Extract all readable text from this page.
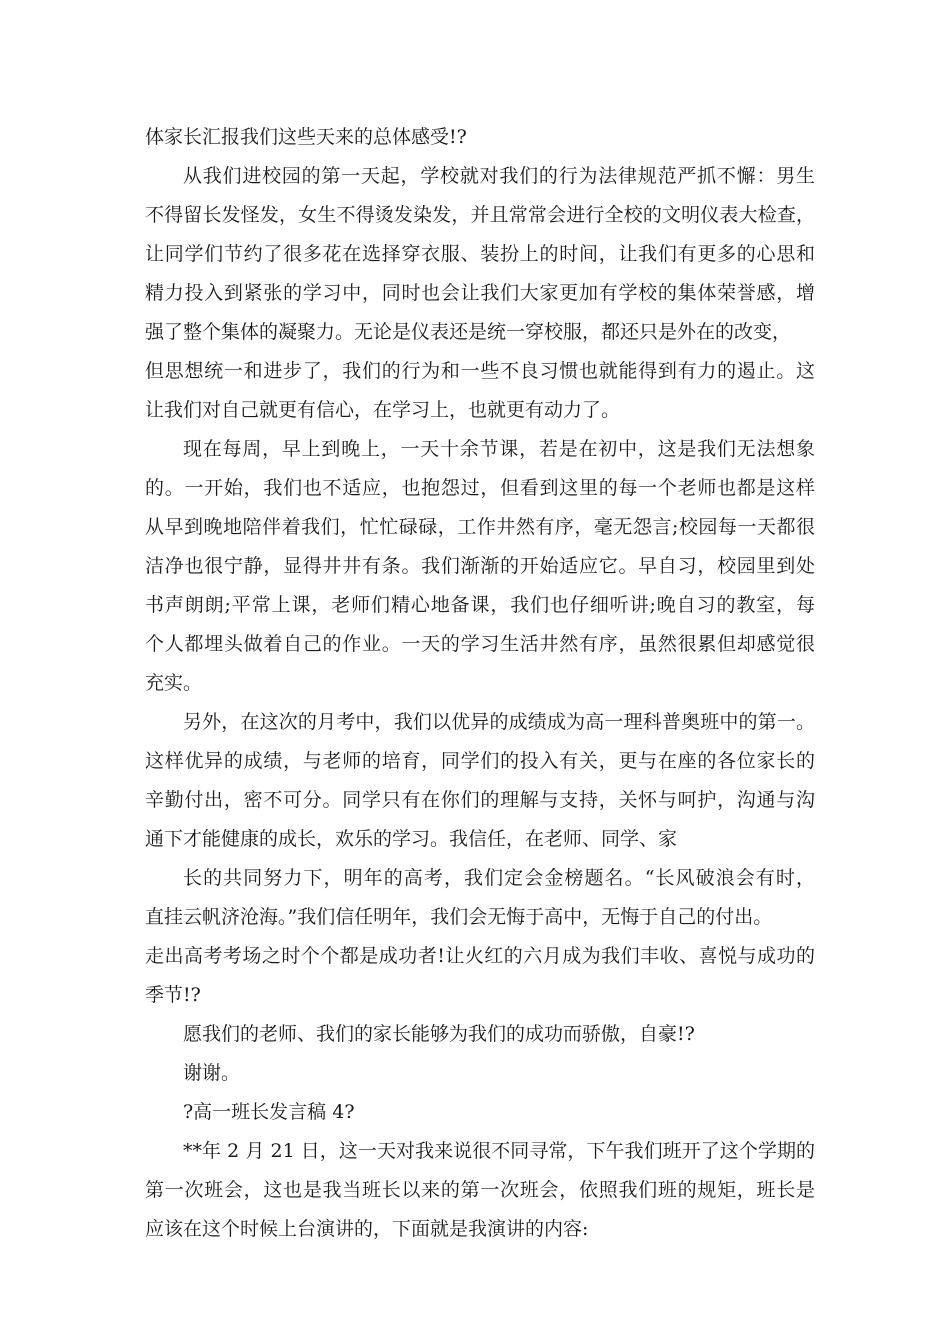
体家长汇报我们这些天来的总体感受!?
从我们进校园的第一天起，学校就对我们的行为法律规范严抓不懈：男生
不得留长发怪发，女生不得烫发染发，并且常常会进行全校的文明仪表大检查，
让同学们节约了很多花在选择穿衣服、装扮上的时间，让我们有更多的心思和
精力投入到紧张的学习中，同时也会让我们大家更加有学校的集体荣誉感，增
强了整个集体的凝聚力。无论是仪表还是统一穿校服，都还只是外在的改变，
但思想统一和进步了，我们的行为和一些不良习惯也就能得到有力的遏止。这
让我们对自己就更有信心，在学习上，也就更有动力了。
现在每周，早上到晚上，一天十余节课，若是在初中，这是我们无法想象
的。一开始，我们也不适应，也抱怨过，但看到这里的每一个老师也都是这样
从早到晚地陪伴着我们，忙忙碌碌，工作井然有序，毫无怨言;校园每一天都很
洁净也很宁静，显得井井有条。我们渐渐的开始适应它。早自习，校园里到处
书声朗朗;平常上课，老师们精心地备课，我们也仔细听讲;晚自习的教室，每
个人都埋头做着自己的作业。一天的学习生活井然有序，虽然很累但却感觉很
充实。
另外，在这次的月考中，我们以优异的成绩成为高一理科普奥班中的第一。
这样优异的成绩，与老师的培育，同学们的投入有关，更与在座的各位家长的
辛勤付出，密不可分。同学只有在你们的理解与支持，关怀与呵护，沟通与沟
通下才能健康的成长，欢乐的学习。我信任，在老师、同学、家
长的共同努力下，明年的高考，我们定会金榜题名。“长风破浪会有时，
直挂云帆济沧海。”我们信任明年，我们会无悔于高中，无悔于自己的付出。
走出高考考场之时个个都是成功者!让火红的六月成为我们丰收、喜悦与成功的
季节!?
愿我们的老师、我们的家长能够为我们的成功而骄傲，自豪!?
谢谢。
?高一班长发言稿 4?
**年 2 月 21 日，这一天对我来说很不同寻常，下午我们班开了这个学期的
第一次班会，这也是我当班长以来的第一次班会，依照我们班的规矩，班长是
应该在这个时候上台演讲的，下面就是我演讲的内容:
